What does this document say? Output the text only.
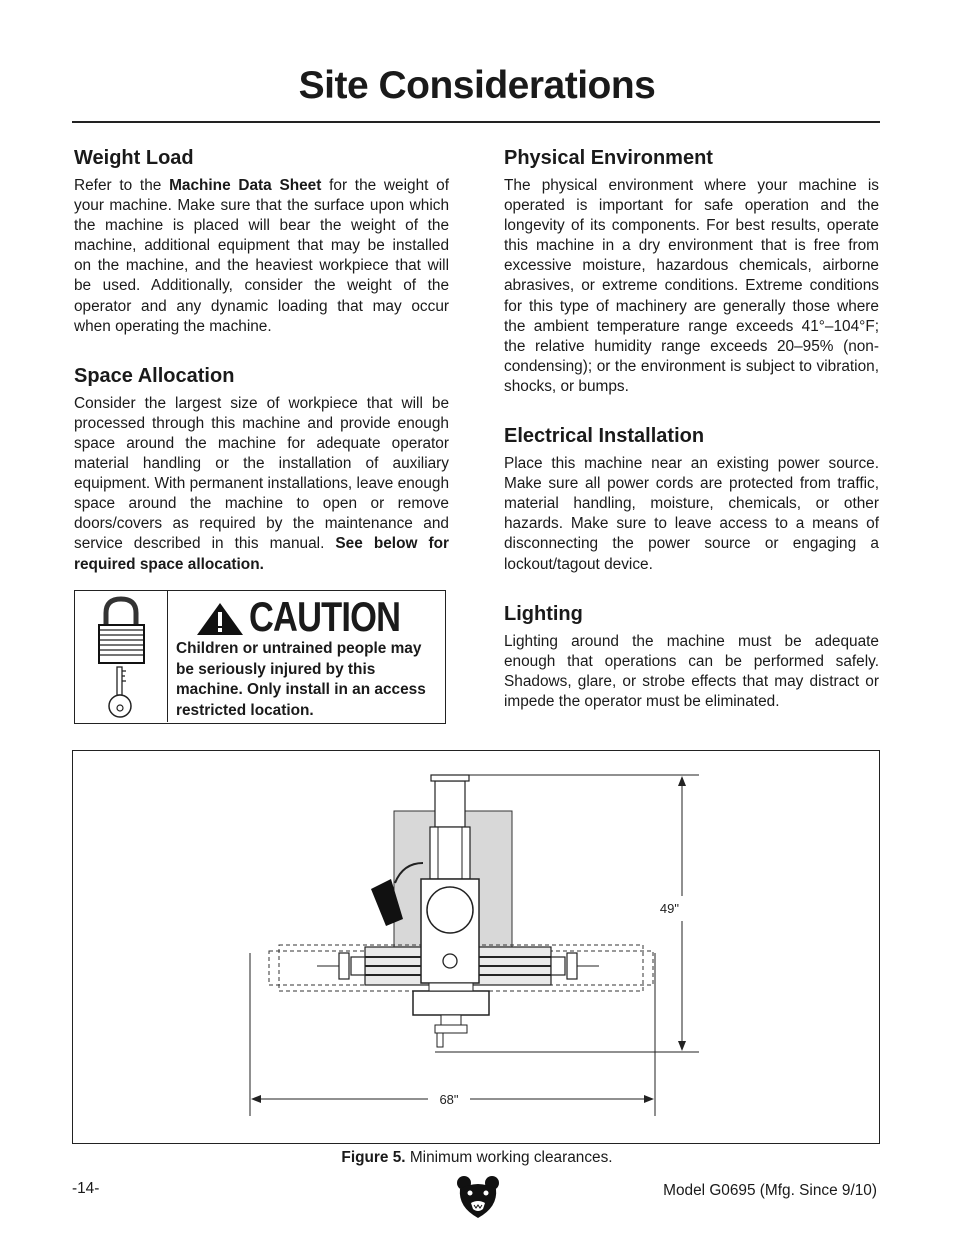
Site Considerations
Weight Load

Refer to the Machine Data Sheet for the weight of your machine. Make sure that the surface upon which the machine is placed will bear the weight of the machine, additional equipment that may be installed on the machine, and the heaviest workpiece that will be used. Additionally, consider the weight of the operator and any dynamic loading that may occur when operating the machine.

Space Allocation

Consider the largest size of workpiece that will be processed through this machine and provide enough space around the machine for adequate operator material handling or the installation of auxiliary equipment. With permanent installations, leave enough space around the machine to open or remove doors/covers as required by the maintenance and service described in this manual. See below for required space allocation.

CAUTION
Children or untrained people may be seriously injured by this machine. Only install in an access restricted location.
Physical Environment

The physical environment where your machine is operated is important for safe operation and the longevity of its components. For best results, operate this machine in a dry environment that is free from excessive moisture, hazardous chemicals, airborne abrasives, or extreme conditions. Extreme conditions for this type of machinery are generally those where the ambient temperature range exceeds 41°–104°F; the relative humidity range exceeds 20–95% (non-condensing); or the environment is subject to vibration, shocks, or bumps.

Electrical Installation

Place this machine near an existing power source. Make sure all power cords are protected from traffic, material handling, moisture, chemicals, or other hazards. Make sure to leave access to a means of disconnecting the power source or engaging a lockout/tagout device.

Lighting

Lighting around the machine must be adequate enough that operations can be performed safely. Shadows, glare, or strobe effects that may distract or impede the operator must be eliminated.

49"
68"
Figure 5. Minimum working clearances.
-14-	Model G0695 (Mfg. Since 9/10)
